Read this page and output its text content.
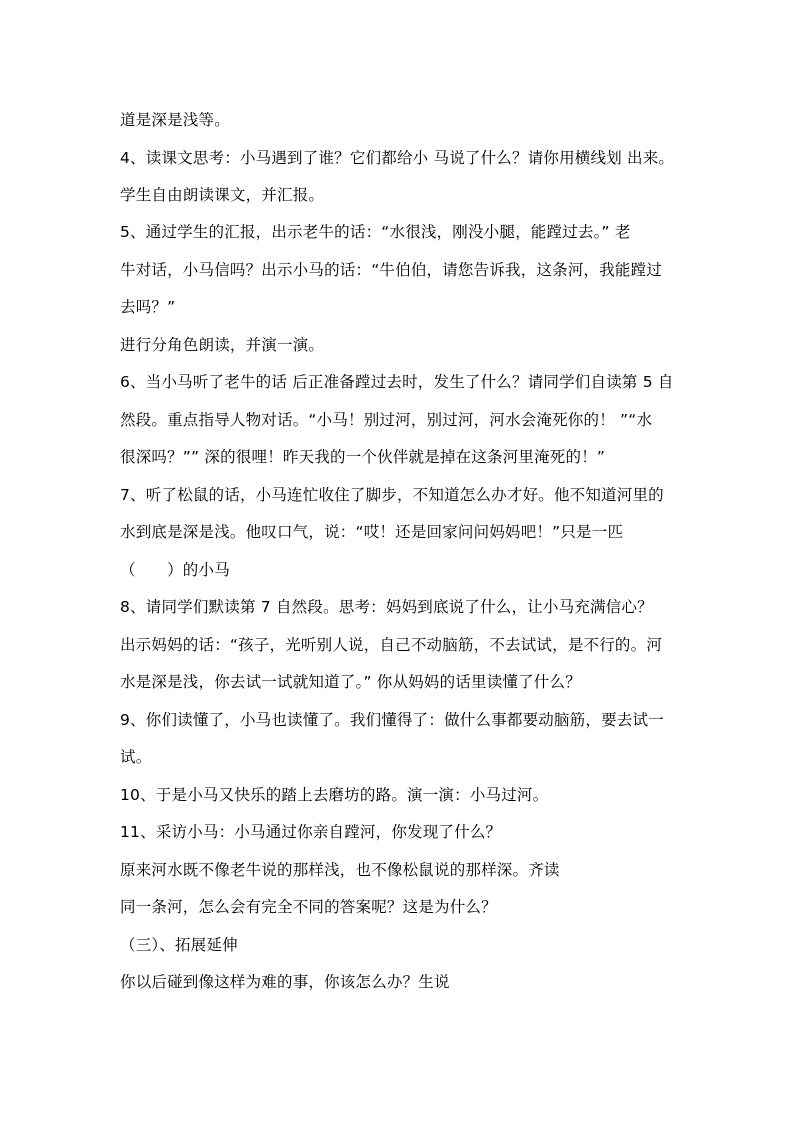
道是深是浅等。
4、读课文思考：小马遇到了谁？它们都给小 马说了什么？请你用横线划 出来。
学生自由朗读课文，并汇报。
5、通过学生的汇报，出示老牛的话：“水很浅，刚没小腿，能蹚过去。” 老
牛对话，小马信吗？出示小马的话：“牛伯伯，请您告诉我，这条河，我能蹚过
去吗？”
进行分角色朗读，并演一演。
6、当小马听了老牛的话 后正准备蹚过去时，发生了什么？请同学们自读第 5 自
然段。重点指导人物对话。“小马！别过河，别过河，河水会淹死你的！ ”“水
很深吗？”” 深的很哩！昨天我的一个伙伴就是掉在这条河里淹死的！”
7、听了松鼠的话，小马连忙收住了脚步，不知道怎么办才好。他不知道河里的
水到底是深是浅。他叹口气，说：“哎！还是回家问问妈妈吧！”只是一匹
（　　）的小马
8、请同学们默读第 7 自然段。思考：妈妈到底说了什么，让小马充满信心？
出示妈妈的话：“孩子，光听别人说，自己不动脑筋，不去试试，是不行的。河
水是深是浅，你去试一试就知道了。” 你从妈妈的话里读懂了什么？
9、你们读懂了，小马也读懂了。我们懂得了：做什么事都要动脑筋，要去试一
试。
10、于是小马又快乐的踏上去磨坊的路。演一演：小马过河。
11、采访小马：小马通过你亲自蹚河，你发现了什么？
原来河水既不像老牛说的那样浅，也不像松鼠说的那样深。齐读
同一条河，怎么会有完全不同的答案呢？这是为什么？
（三）、拓展延伸
你以后碰到像这样为难的事，你该怎么办？生说
